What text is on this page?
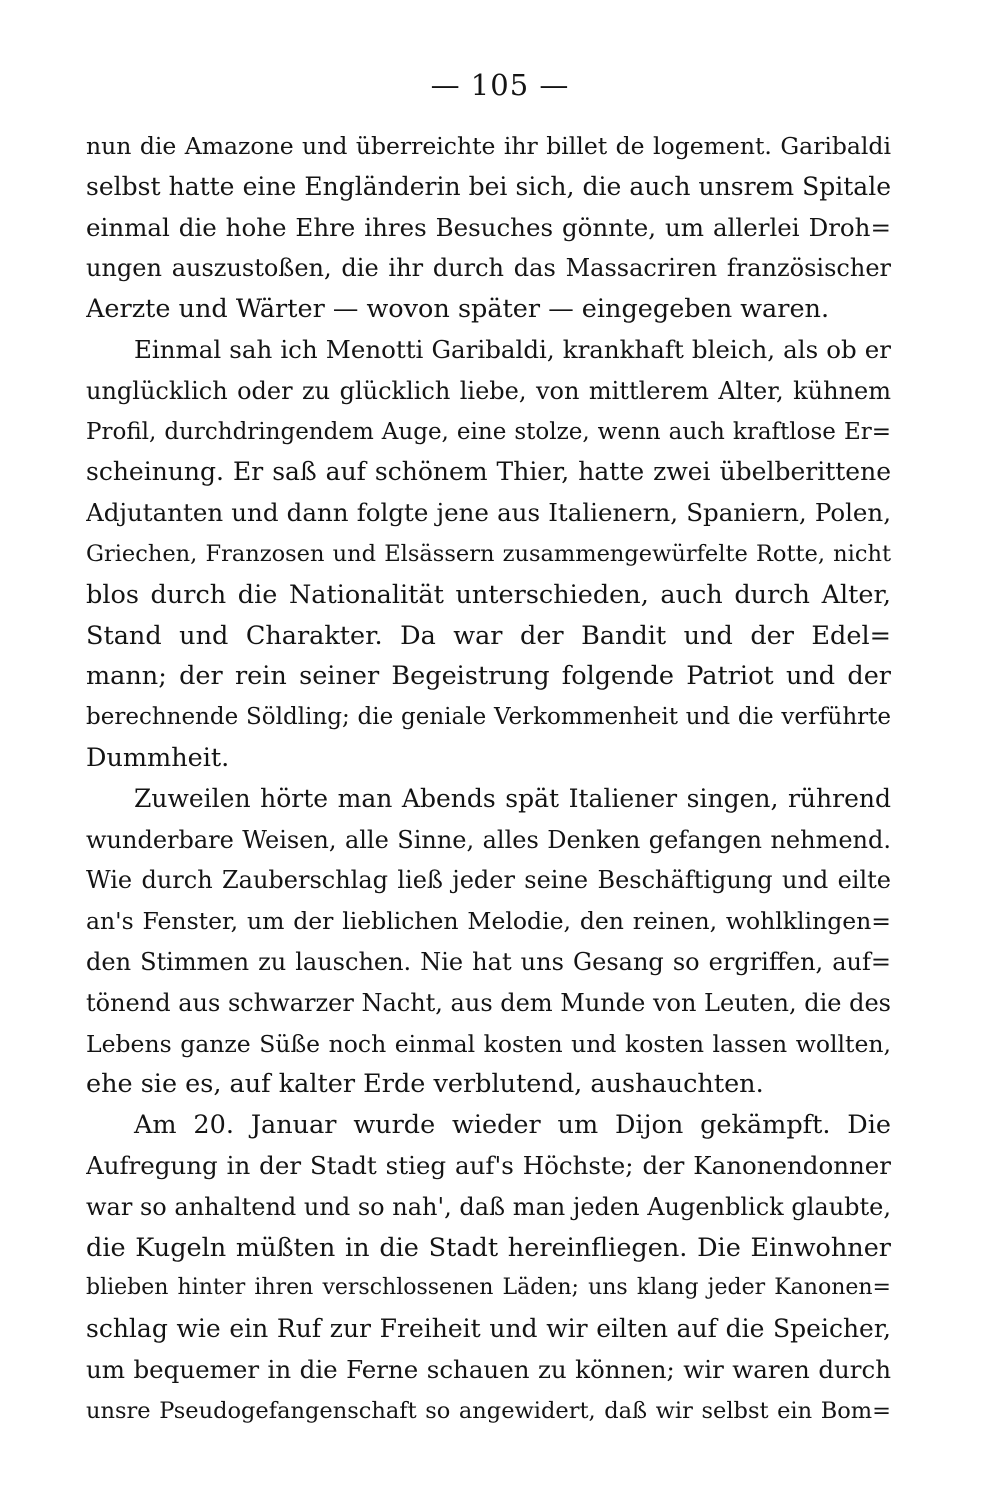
— 105 —
nun die Amazone und überreichte ihr billet de logement. Garibaldi
selbst hatte eine Engländerin bei sich, die auch unsrem Spitale
einmal die hohe Ehre ihres Besuches gönnte, um allerlei Droh=
ungen auszustoßen, die ihr durch das Massacriren französischer
Aerzte und Wärter — wovon später — eingegeben waren.
Einmal sah ich Menotti Garibaldi, krankhaft bleich, als ob er
unglücklich oder zu glücklich liebe, von mittlerem Alter, kühnem
Profil, durchdringendem Auge, eine stolze, wenn auch kraftlose Er=
scheinung. Er saß auf schönem Thier, hatte zwei übelberittene
Adjutanten und dann folgte jene aus Italienern, Spaniern, Polen,
Griechen, Franzosen und Elsässern zusammengewürfelte Rotte, nicht
blos durch die Nationalität unterschieden, auch durch Alter,
Stand und Charakter. Da war der Bandit und der Edel=
mann; der rein seiner Begeistrung folgende Patriot und der
berechnende Söldling; die geniale Verkommenheit und die verführte
Dummheit.
Zuweilen hörte man Abends spät Italiener singen, rührend
wunderbare Weisen, alle Sinne, alles Denken gefangen nehmend.
Wie durch Zauberschlag ließ jeder seine Beschäftigung und eilte
an's Fenster, um der lieblichen Melodie, den reinen, wohlklingen=
den Stimmen zu lauschen. Nie hat uns Gesang so ergriffen, auf=
tönend aus schwarzer Nacht, aus dem Munde von Leuten, die des
Lebens ganze Süße noch einmal kosten und kosten lassen wollten,
ehe sie es, auf kalter Erde verblutend, aushauchten.
Am 20. Januar wurde wieder um Dijon gekämpft. Die
Aufregung in der Stadt stieg auf's Höchste; der Kanonendonner
war so anhaltend und so nah', daß man jeden Augenblick glaubte,
die Kugeln müßten in die Stadt hereinfliegen. Die Einwohner
blieben hinter ihren verschlossenen Läden; uns klang jeder Kanonen=
schlag wie ein Ruf zur Freiheit und wir eilten auf die Speicher,
um bequemer in die Ferne schauen zu können; wir waren durch
unsre Pseudogefangenschaft so angewidert, daß wir selbst ein Bom=
